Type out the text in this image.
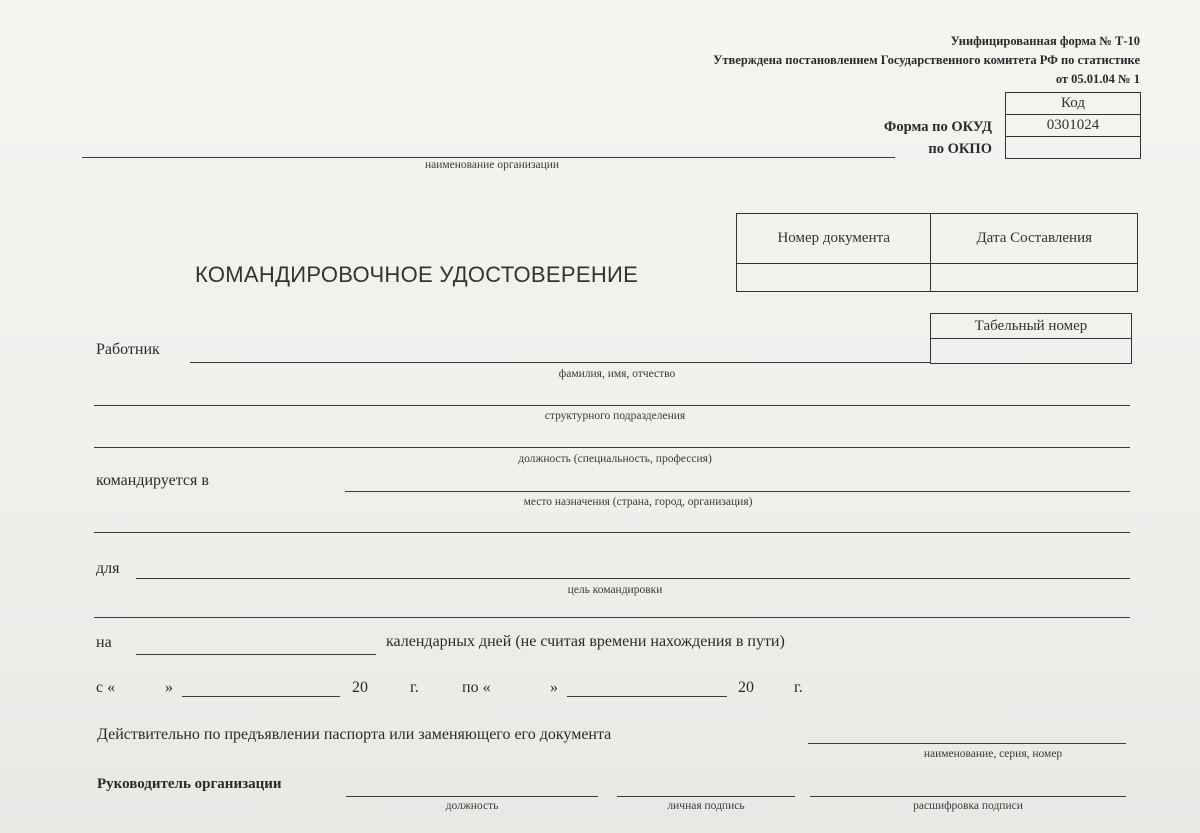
Унифицированная форма № Т-10
Утверждена постановлением Государственного комитета РФ по статистике
от 05.01.04 № 1
Код
0301024

Форма по ОКУД
по ОКПО
наименование организации
Номер документа	Дата Составления

КОМАНДИРОВОЧНОЕ УДОСТОВЕРЕНИЕ
Табельный номер

Работник
фамилия, имя, отчество
структурного подразделения
должность (специальность, профессия)
командируется в
место назначения (страна, город, организация)
для
цель командировки
на	календарных дней (не считая времени нахождения в пути)
с «	»	20	г.	по «	»	20	г.
Действительно по предъявлении паспорта или заменяющего его документа
наименование, серия, номер
Руководитель организации
должность	личная подпись	расшифровка подписи
